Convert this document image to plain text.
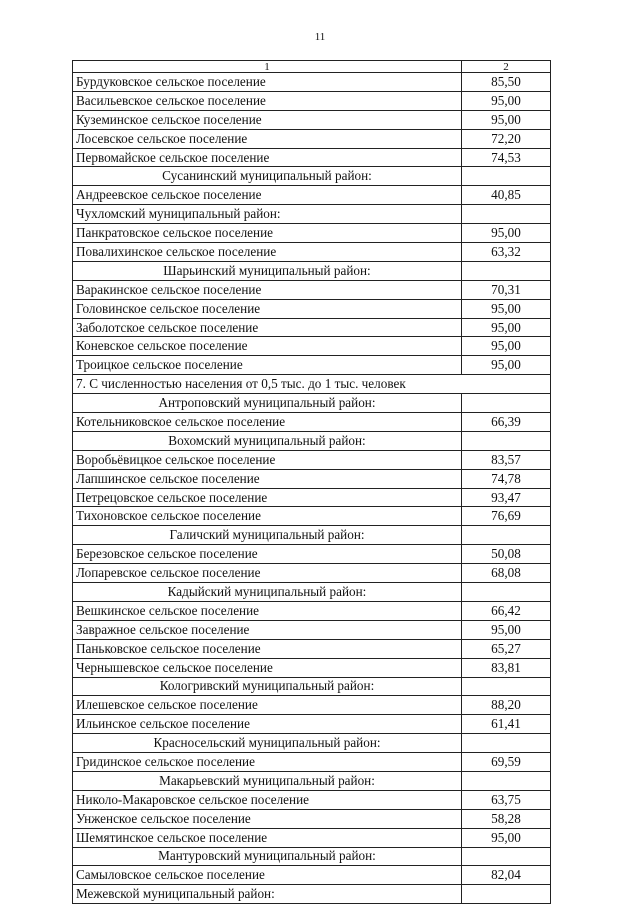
11
1	2
Бурдуковское сельское поселение	85,50
Васильевское сельское поселение	95,00
Куземинское сельское поселение	95,00
Лосевское сельское поселение	72,20
Первомайское сельское поселение	74,53
Сусанинский муниципальный район:	
Андреевское сельское поселение	40,85
Чухломский муниципальный район:	
Панкратовское сельское поселение	95,00
Повалихинское сельское поселение	63,32
Шарьинский муниципальный район:	
Варакинское сельское поселение	70,31
Головинское сельское поселение	95,00
Заболотское сельское поселение	95,00
Коневское сельское поселение	95,00
Троицкое сельское поселение	95,00
7. С численностью населения от 0,5 тыс. до 1 тыс. человек	
Антроповский муниципальный район:	
Котельниковское сельское поселение	66,39
Вохомский муниципальный район:	
Воробьёвицкое сельское поселение	83,57
Лапшинское сельское поселение	74,78
Петрецовское сельское поселение	93,47
Тихоновское сельское поселение	76,69
Галичский муниципальный район:	
Березовское сельское поселение	50,08
Лопаревское сельское поселение	68,08
Кадыйский муниципальный район:	
Вешкинское сельское поселение	66,42
Завражное сельское поселение	95,00
Паньковское сельское поселение	65,27
Чернышевское сельское поселение	83,81
Кологривский муниципальный район:	
Илешевское сельское поселение	88,20
Ильинское сельское поселение	61,41
Красносельский муниципальный район:	
Гридинское сельское поселение	69,59
Макарьевский муниципальный район:	
Николо-Макаровское сельское поселение	63,75
Унженское сельское поселение	58,28
Шемятинское сельское поселение	95,00
Мантуровский муниципальный район:	
Самыловское сельское поселение	82,04
Межевской муниципальный район:	
